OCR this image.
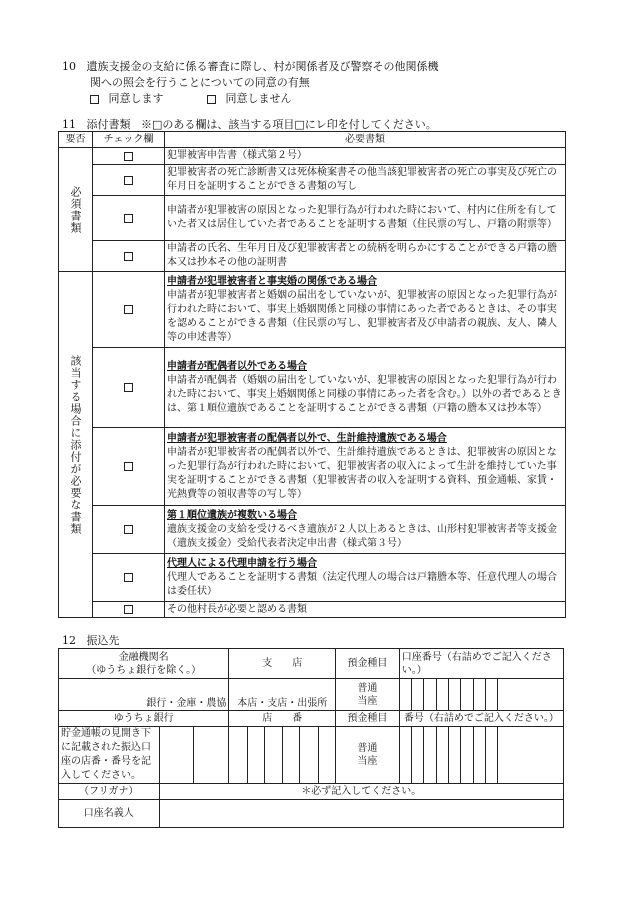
10 遺族支援金の支給に係る審査に際し、村が関係者及び警察その他関係機
関への照会を行うことについての同意の有無
同意します	同意しません
11 添付書類 ※□のある欄は、該当する項目□にレ印を付してください。
要否	チェック欄	必要書類

必須書類		犯罪被害申告書（様式第２号）
		犯罪被害者の死亡診断書又は死体検案書その他当該犯罪被害者の死亡の事実及び死亡の年月日を証明することができる書類の写し
		申請者が犯罪被害の原因となった犯罪行為が行われた時において、村内に住所を有していた者又は居住していた者であることを証明する書類（住民票の写し、戸籍の附票等）
		申請者の氏名、生年月日及び犯罪被害者との続柄を明らかにすることができる戸籍の謄本又は抄本その他の証明書

該当する場合に添付が必要な書類		申請者が犯罪被害者と事実婚の関係である場合
申請者が犯罪被害者と婚姻の届出をしていないが、犯罪被害の原因となった犯罪行為が行われた時において、事実上婚姻関係と同様の事情にあった者であるときは、その事実を認めることができる書類（住民票の写し、犯罪被害者及び申請者の親族、友人、隣人等の申述書等）

		申請者が配偶者以外である場合
申請者が配偶者（婚姻の届出をしていないが、犯罪被害の原因となった犯罪行為が行われた時において、事実上婚姻関係と同様の事情にあった者を含む。）以外の者であるときは、第１順位遺族であることを証明することができる書類（戸籍の謄本又は抄本等）

		申請者が犯罪被害者の配偶者以外で、生計維持遺族である場合
申請者が犯罪被害者の配偶者以外で、生計維持遺族であるときは、犯罪被害の原因となった犯罪行為が行われた時において、犯罪被害者の収入によって生計を維持していた事実を証明することができる書類（犯罪被害者の収入を証明する資料、預金通帳、家賃・光熱費等の領収書等の写し等）

		第１順位遺族が複数いる場合
遺族支援金の支給を受けるべき遺族が２人以上あるときは、山形村犯罪被害者等支援金（遺族支援金）受給代表者決定申出書（様式第３号）

		代理人による代理申請を行う場合
代理人であることを証明する書類（法定代理人の場合は戸籍謄本等、任意代理人の場合は委任状）

		その他村長が必要と認める書類
12 振込先
金融機関名
（ゆうちょ銀行を除く。）			支　　店						預金種目	口座番号（右詰めでご記入ください。）								
銀行・金庫・農協			本店・支店・出張所						普通
当座									

ゆうちょ銀行			店　　番						預金種目	番号（右詰めでご記入ください。）								
貯金通帳の見開き下に記載された振込口座の店番・番号を記入してください。									普通
当座									

（フリガナ）	＊必ず記入してください。																	
口座名義人																		
